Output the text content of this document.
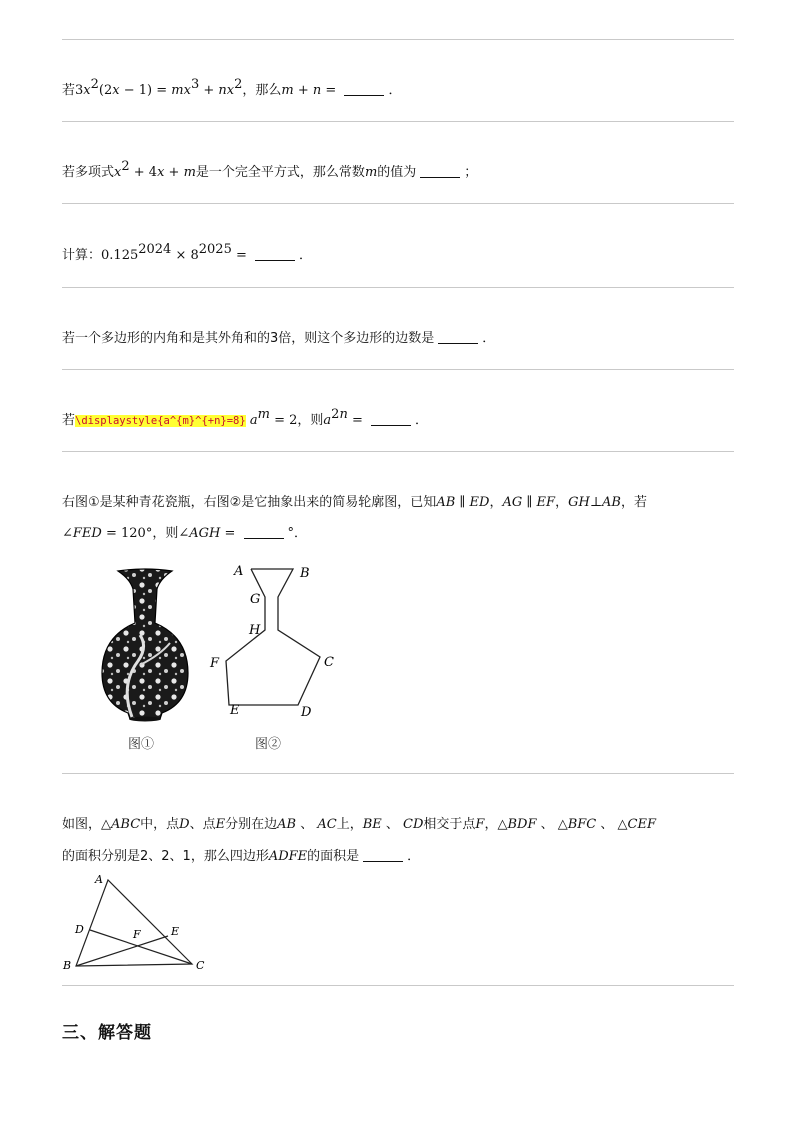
若$3x^2(2x - 1) = mx^3 + nx^2$，那么m + n =	．
若多项式$x^2 + 4x + m$是一个完全平方式，那么常数m的值为	；
计算：$0.125^{2024} \times 8^{2025}$ =	．
若一个多边形的内角和是其外角和的3倍，则这个多边形的边数是	．
若\displaystyle{a^{m}^{+n}=8} $a^m = 2$，则$a^{2n}$ =	．
右图①是某种青花瓷瓶，右图②是它抽象出来的简易轮廓图，已知AB ∥ ED，AG ∥ EF，GH⊥AB，若
∠FED = 120°，则∠AGH =	°．
A	B
G
H
F	C
E	D
图①	图②
如图，△ABC中，点D、点E分别在边AB 、 AC上，BE 、 CD相交于点F，△BDF 、 △BFC 、 △CEF
的面积分别是2、2、1，那么四边形ADFE的面积是	．
A
D	F	E
B	C
三、解答题
